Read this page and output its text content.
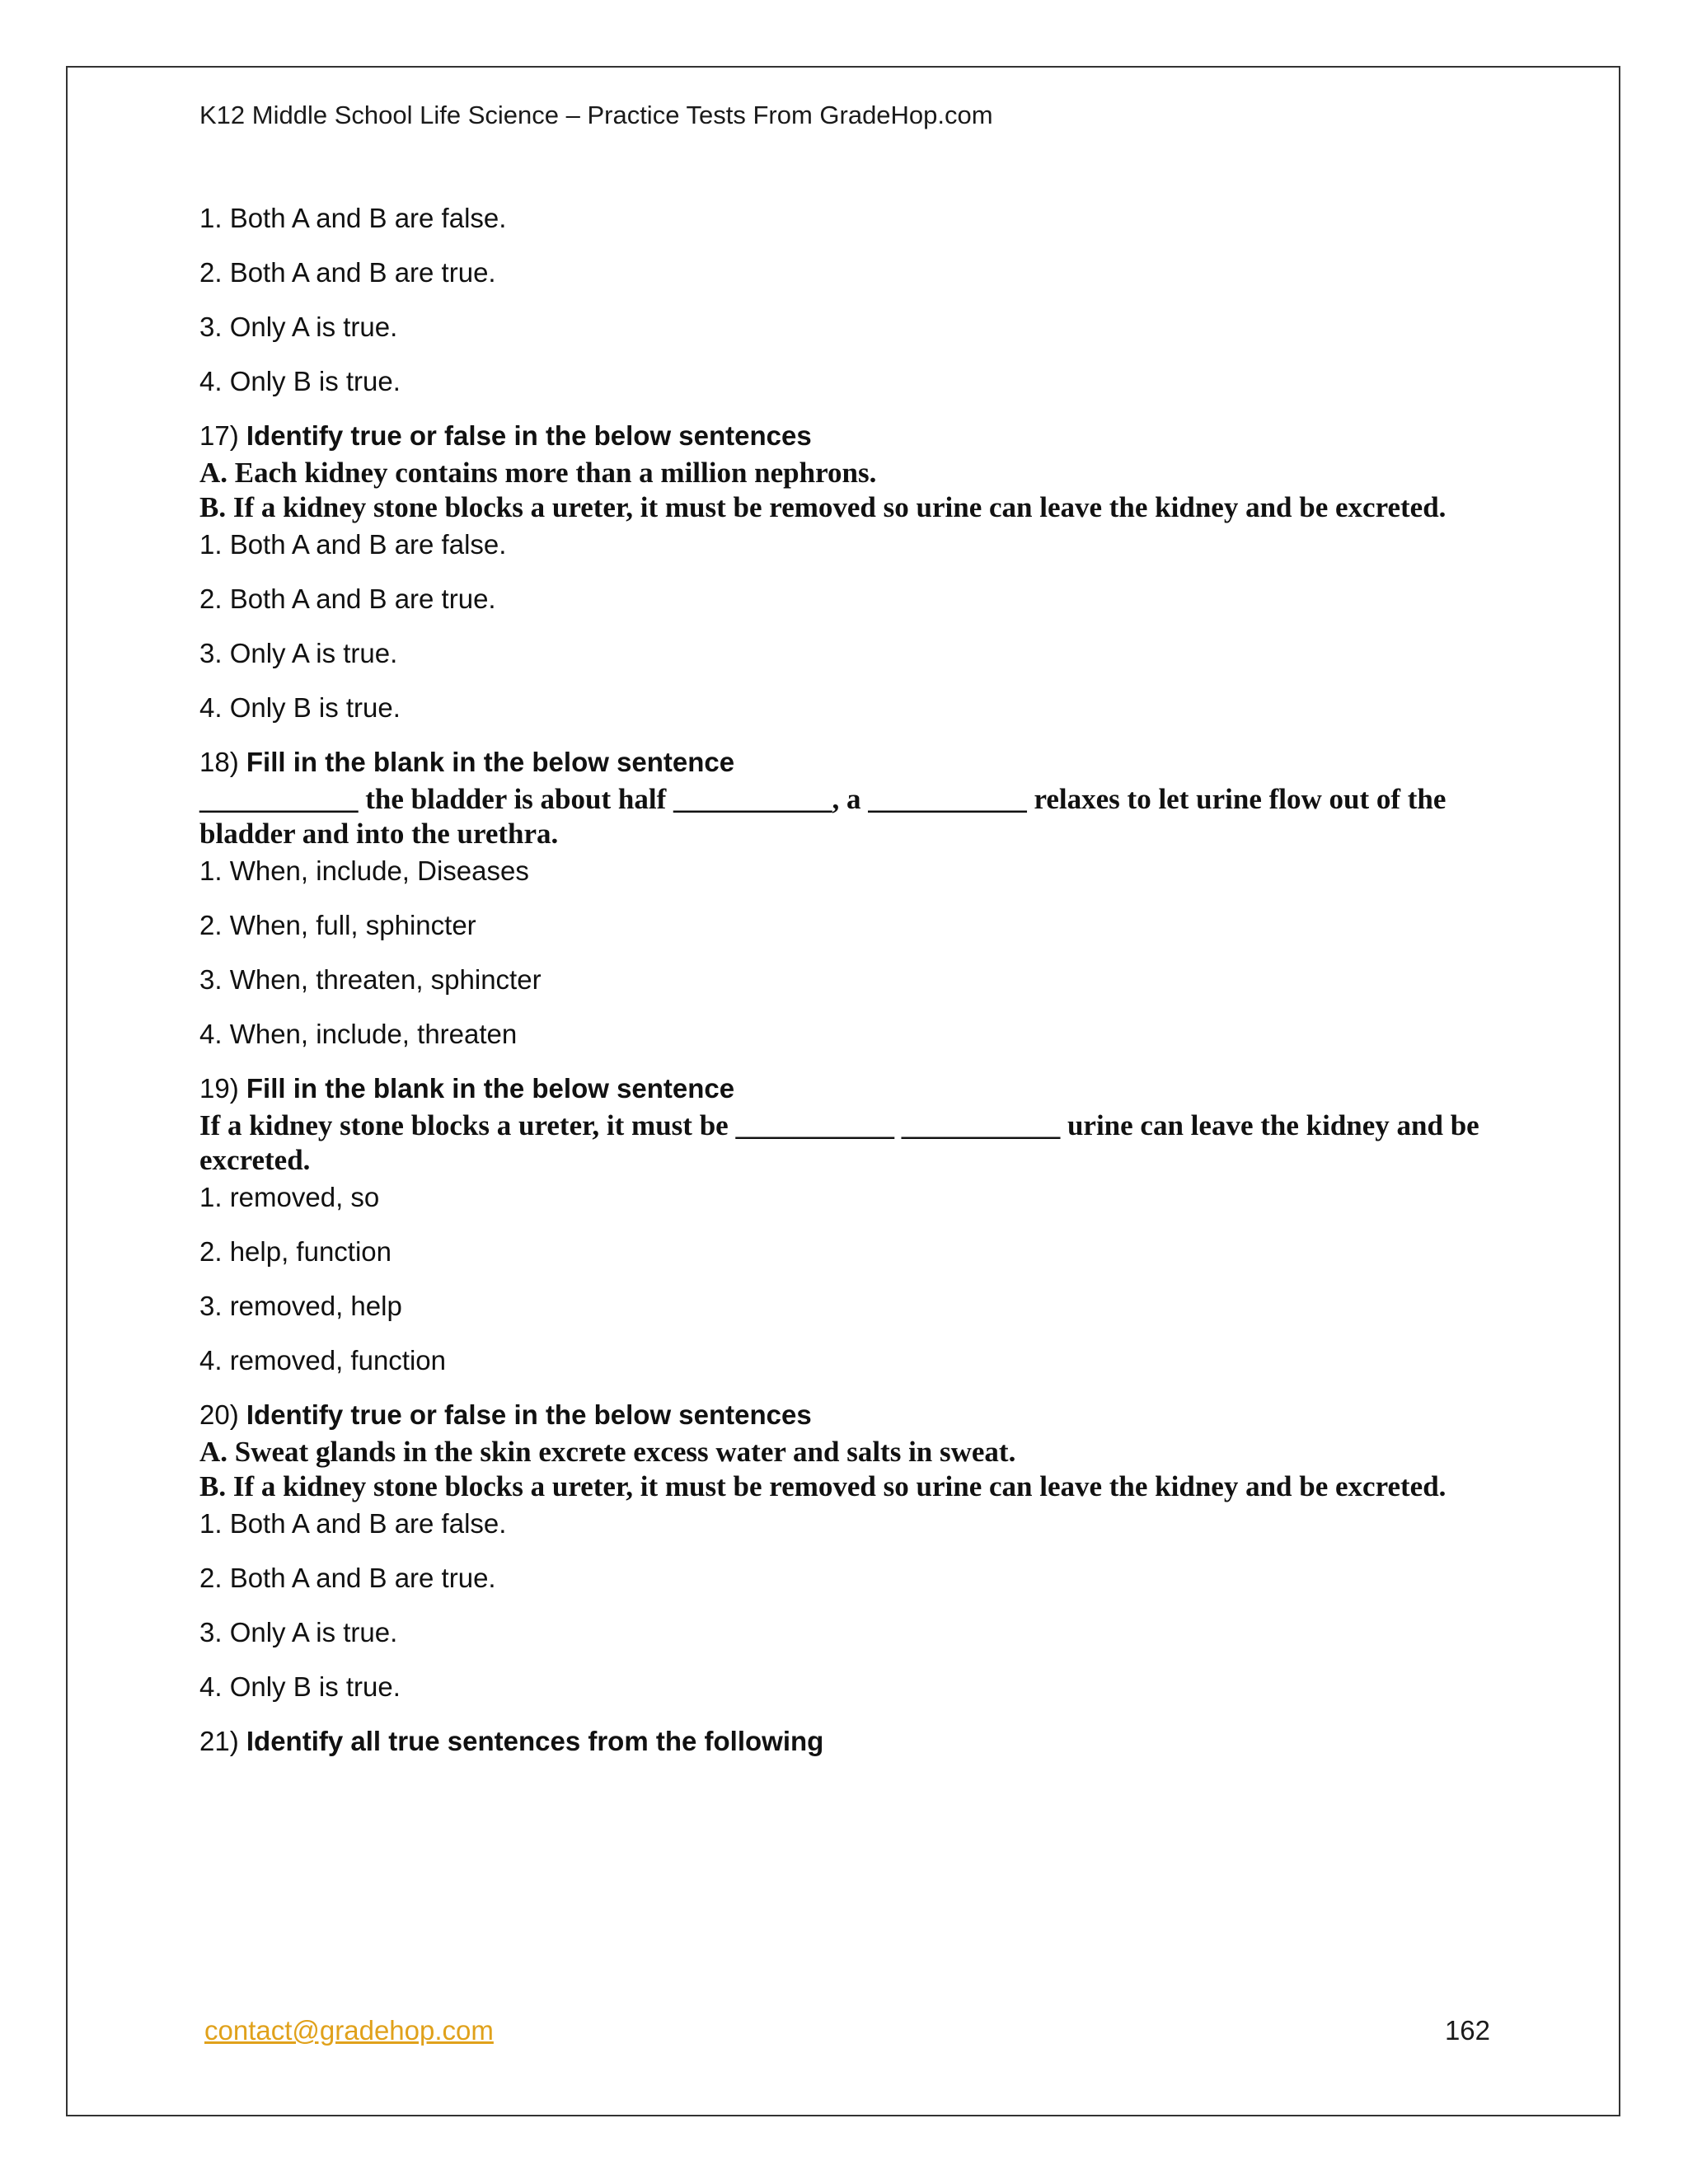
K12 Middle School Life Science – Practice Tests From GradeHop.com
1. Both A and B are false.
2. Both A and B are true.
3. Only A is true.
4. Only B is true.
17) Identify true or false in the below sentences
A. Each kidney contains more than a million nephrons.
B. If a kidney stone blocks a ureter, it must be removed so urine can leave the kidney and be excreted.
1. Both A and B are false.
2. Both A and B are true.
3. Only A is true.
4. Only B is true.
18) Fill in the blank in the below sentence
___________ the bladder is about half ___________, a ___________ relaxes to let urine flow out of the bladder and into the urethra.
1. When, include, Diseases
2. When, full, sphincter
3. When, threaten, sphincter
4. When, include, threaten
19) Fill in the blank in the below sentence
If a kidney stone blocks a ureter, it must be ___________ ___________ urine can leave the kidney and be excreted.
1. removed, so
2. help, function
3. removed, help
4. removed, function
20) Identify true or false in the below sentences
A. Sweat glands in the skin excrete excess water and salts in sweat.
B. If a kidney stone blocks a ureter, it must be removed so urine can leave the kidney and be excreted.
1. Both A and B are false.
2. Both A and B are true.
3. Only A is true.
4. Only B is true.
21) Identify all true sentences from the following
contact@gradehop.com	162
